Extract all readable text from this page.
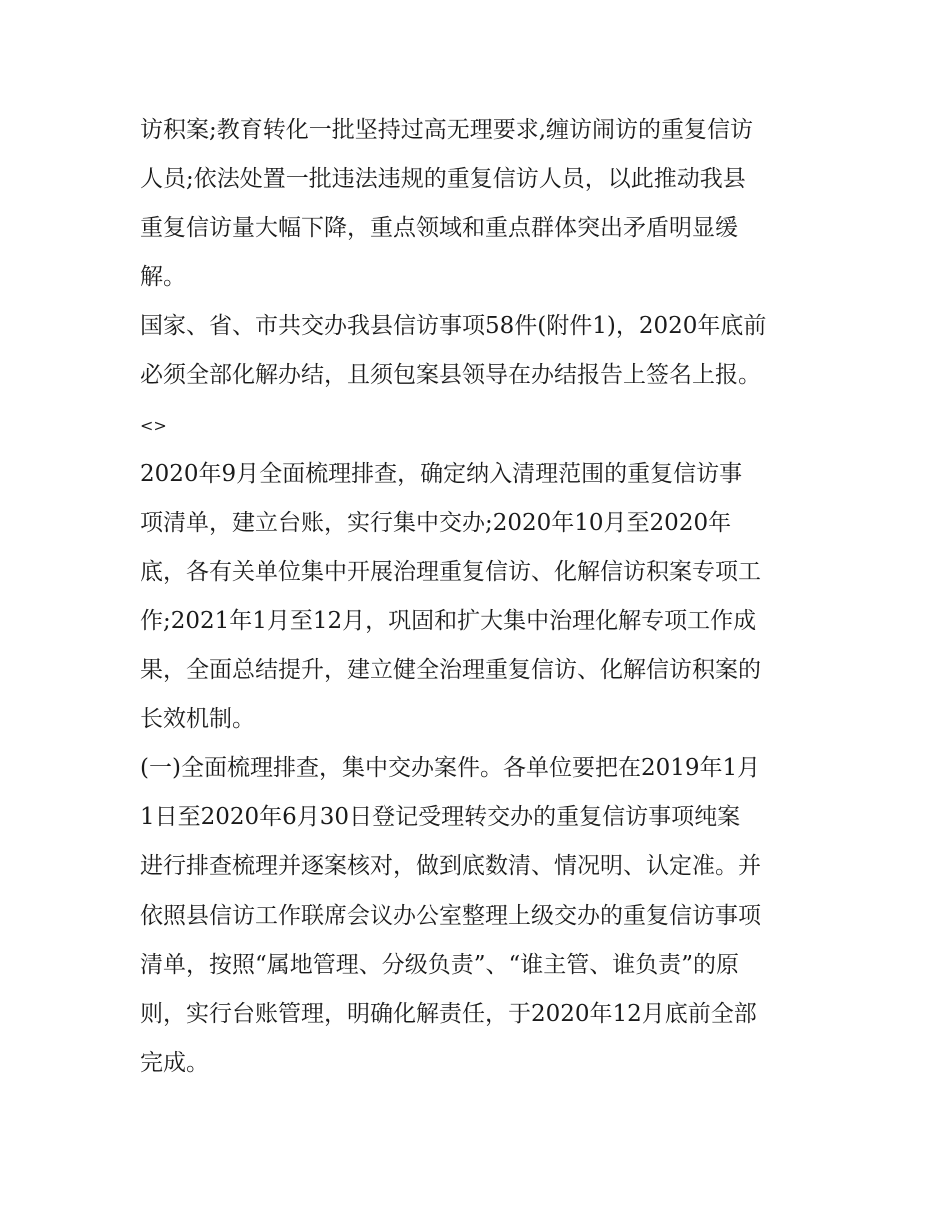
访积案;教育转化一批坚持过高无理要求,缠访闹访的重复信访
人员;依法处置一批违法违规的重复信访人员，以此推动我县
重复信访量大幅下降，重点领域和重点群体突出矛盾明显缓
解。
国家、省、市共交办我县信访事项58件(附件1)，2020年底前
必须全部化解办结，且须包案县领导在办结报告上签名上报。
<>
2020年9月全面梳理排查，确定纳入清理范围的重复信访事
项清单，建立台账，实行集中交办;2020年10月至2020年
底，各有关单位集中开展治理重复信访、化解信访积案专项工
作;2021年1月至12月，巩固和扩大集中治理化解专项工作成
果，全面总结提升，建立健全治理重复信访、化解信访积案的
长效机制。
(一)全面梳理排查，集中交办案件。各单位要把在2019年1月
1日至2020年6月30日登记受理转交办的重复信访事项纯案
进行排查梳理并逐案核对，做到底数清、情况明、认定准。并
依照县信访工作联席会议办公室整理上级交办的重复信访事项
清单，按照“属地管理、分级负责”、“谁主管、谁负责”的原
则，实行台账管理，明确化解责任，于2020年12月底前全部
完成。
